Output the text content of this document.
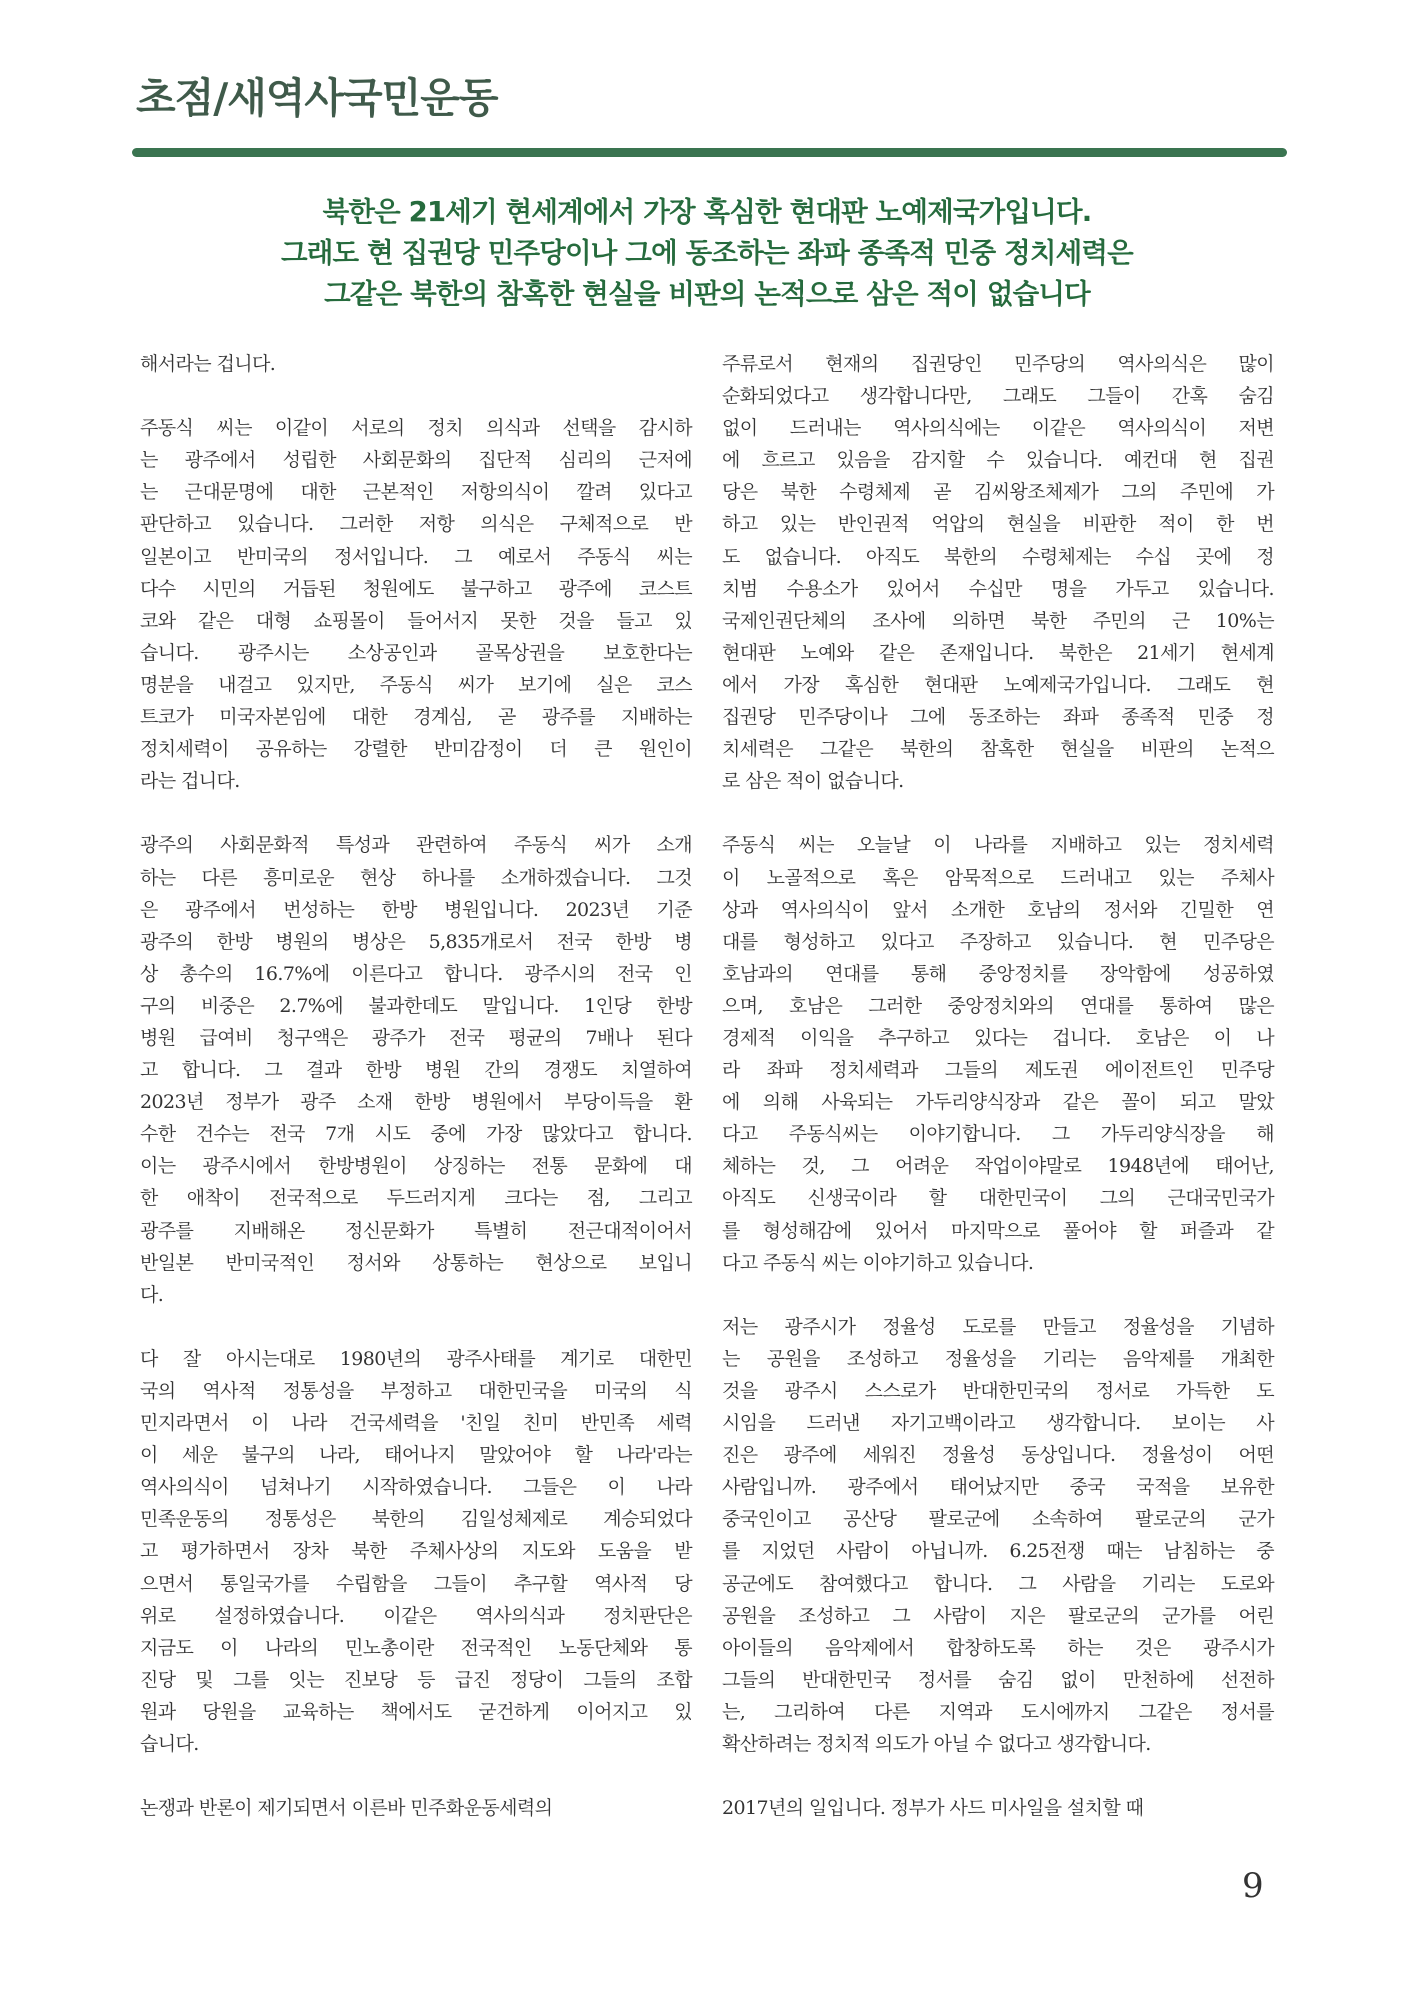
초점/새역사국민운동
북한은 21세기 현세계에서 가장 혹심한 현대판 노예제국가입니다.
그래도 현 집권당 민주당이나 그에 동조하는 좌파 종족적 민중 정치세력은
그같은 북한의 참혹한 현실을 비판의 논적으로 삼은 적이 없습니다
해서라는 겁니다.
주동식 씨는 이같이 서로의 정치 의식과 선택을 감시하
는 광주에서 성립한 사회문화의 집단적 심리의 근저에
는 근대문명에 대한 근본적인 저항의식이 깔려 있다고
판단하고 있습니다. 그러한 저항 의식은 구체적으로 반
일본이고 반미국의 정서입니다. 그 예로서 주동식 씨는
다수 시민의 거듭된 청원에도 불구하고 광주에 코스트
코와 같은 대형 쇼핑몰이 들어서지 못한 것을 들고 있
습니다. 광주시는 소상공인과 골목상권을 보호한다는
명분을 내걸고 있지만, 주동식 씨가 보기에 실은 코스
트코가 미국자본임에 대한 경계심, 곧 광주를 지배하는
정치세력이 공유하는 강렬한 반미감정이 더 큰 원인이
라는 겁니다.
광주의 사회문화적 특성과 관련하여 주동식 씨가 소개
하는 다른 흥미로운 현상 하나를 소개하겠습니다. 그것
은 광주에서 번성하는 한방 병원입니다. 2023년 기준
광주의 한방 병원의 병상은 5,835개로서 전국 한방 병
상 총수의 16.7%에 이른다고 합니다. 광주시의 전국 인
구의 비중은 2.7%에 불과한데도 말입니다. 1인당 한방
병원 급여비 청구액은 광주가 전국 평균의 7배나 된다
고 합니다. 그 결과 한방 병원 간의 경쟁도 치열하여
2023년 정부가 광주 소재 한방 병원에서 부당이득을 환
수한 건수는 전국 7개 시도 중에 가장 많았다고 합니다.
이는 광주시에서 한방병원이 상징하는 전통 문화에 대
한 애착이 전국적으로 두드러지게 크다는 점, 그리고
광주를 지배해온 정신문화가 특별히 전근대적이어서
반일본 반미국적인 정서와 상통하는 현상으로 보입니
다.
다 잘 아시는대로 1980년의 광주사태를 계기로 대한민
국의 역사적 정통성을 부정하고 대한민국을 미국의 식
민지라면서 이 나라 건국세력을 '친일 친미 반민족 세력
이 세운 불구의 나라, 태어나지 말았어야 할 나라'라는
역사의식이 넘쳐나기 시작하였습니다. 그들은 이 나라
민족운동의 정통성은 북한의 김일성체제로 계승되었다
고 평가하면서 장차 북한 주체사상의 지도와 도움을 받
으면서 통일국가를 수립함을 그들이 추구할 역사적 당
위로 설정하였습니다. 이같은 역사의식과 정치판단은
지금도 이 나라의 민노총이란 전국적인 노동단체와 통
진당 및 그를 잇는 진보당 등 급진 정당이 그들의 조합
원과 당원을 교육하는 책에서도 굳건하게 이어지고 있
습니다.
논쟁과 반론이 제기되면서 이른바 민주화운동세력의
주류로서 현재의 집권당인 민주당의 역사의식은 많이
순화되었다고 생각합니다만, 그래도 그들이 간혹 숨김
없이 드러내는 역사의식에는 이같은 역사의식이 저변
에 흐르고 있음을 감지할 수 있습니다. 예컨대 현 집권
당은 북한 수령체제 곧 김씨왕조체제가 그의 주민에 가
하고 있는 반인권적 억압의 현실을 비판한 적이 한 번
도 없습니다. 아직도 북한의 수령체제는 수십 곳에 정
치범 수용소가 있어서 수십만 명을 가두고 있습니다.
국제인권단체의 조사에 의하면 북한 주민의 근 10%는
현대판 노예와 같은 존재입니다. 북한은 21세기 현세계
에서 가장 혹심한 현대판 노예제국가입니다. 그래도 현
집권당 민주당이나 그에 동조하는 좌파 종족적 민중 정
치세력은 그같은 북한의 참혹한 현실을 비판의 논적으
로 삼은 적이 없습니다.
주동식 씨는 오늘날 이 나라를 지배하고 있는 정치세력
이 노골적으로 혹은 암묵적으로 드러내고 있는 주체사
상과 역사의식이 앞서 소개한 호남의 정서와 긴밀한 연
대를 형성하고 있다고 주장하고 있습니다. 현 민주당은
호남과의 연대를 통해 중앙정치를 장악함에 성공하였
으며, 호남은 그러한 중앙정치와의 연대를 통하여 많은
경제적 이익을 추구하고 있다는 겁니다. 호남은 이 나
라 좌파 정치세력과 그들의 제도권 에이전트인 민주당
에 의해 사육되는 가두리양식장과 같은 꼴이 되고 말았
다고 주동식씨는 이야기합니다. 그 가두리양식장을 해
체하는 것, 그 어려운 작업이야말로 1948년에 태어난,
아직도 신생국이라 할 대한민국이 그의 근대국민국가
를 형성해감에 있어서 마지막으로 풀어야 할 퍼즐과 같
다고 주동식 씨는 이야기하고 있습니다.
저는 광주시가 정율성 도로를 만들고 정율성을 기념하
는 공원을 조성하고 정율성을 기리는 음악제를 개최한
것을 광주시 스스로가 반대한민국의 정서로 가득한 도
시임을 드러낸 자기고백이라고 생각합니다. 보이는 사
진은 광주에 세워진 정율성 동상입니다. 정율성이 어떤
사람입니까. 광주에서 태어났지만 중국 국적을 보유한
중국인이고 공산당 팔로군에 소속하여 팔로군의 군가
를 지었던 사람이 아닙니까. 6.25전쟁 때는 남침하는 중
공군에도 참여했다고 합니다. 그 사람을 기리는 도로와
공원을 조성하고 그 사람이 지은 팔로군의 군가를 어린
아이들의 음악제에서 합창하도록 하는 것은 광주시가
그들의 반대한민국 정서를 숨김 없이 만천하에 선전하
는, 그리하여 다른 지역과 도시에까지 그같은 정서를
확산하려는 정치적 의도가 아닐 수 없다고 생각합니다.
2017년의 일입니다. 정부가 사드 미사일을 설치할 때
9
